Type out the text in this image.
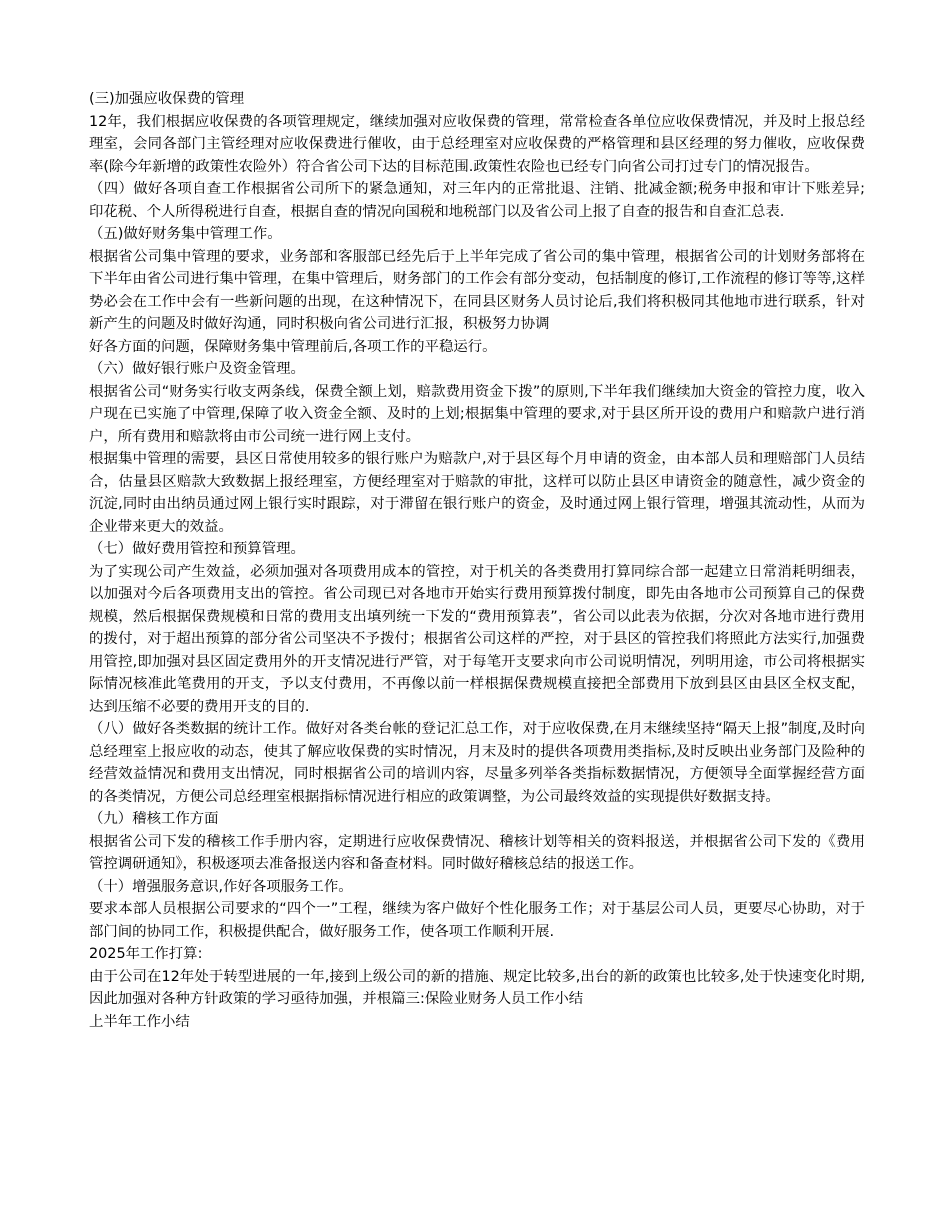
(三)加强应收保费的管理

12年，我们根据应收保费的各项管理规定，继续加强对应收保费的管理，常常检查各单位应收保费情况，并及时上报总经理室，会同各部门主管经理对应收保费进行催收，由于总经理室对应收保费的严格管理和县区经理的努力催收，应收保费率(除今年新增的政策性农险外）符合省公司下达的目标范围.政策性农险也已经专门向省公司打过专门的情况报告。

（四）做好各项自查工作根据省公司所下的紧急通知，对三年内的正常批退、注销、批减金额;税务申报和审计下账差异; 印花税、个人所得税进行自查，根据自查的情况向国税和地税部门以及省公司上报了自查的报告和自查汇总表.

（五)做好财务集中管理工作。

根据省公司集中管理的要求，业务部和客服部已经先后于上半年完成了省公司的集中管理，根据省公司的计划财务部将在下半年由省公司进行集中管理，在集中管理后，财务部门的工作会有部分变动，包括制度的修订,工作流程的修订等等,这样势必会在工作中会有一些新问题的出现，在这种情况下，在同县区财务人员讨论后,我们将积极同其他地市进行联系，针对新产生的问题及时做好沟通，同时积极向省公司进行汇报，积极努力协调

好各方面的问题，保障财务集中管理前后,各项工作的平稳运行。

（六）做好银行账户及资金管理。

根据省公司“财务实行收支两条线，保费全额上划，赔款费用资金下拨”的原则,下半年我们继续加大资金的管控力度，收入户现在已实施了中管理,保障了收入资金全额、及时的上划;根据集中管理的要求,对于县区所开设的费用户和赔款户进行消户，所有费用和赔款将由市公司统一进行网上支付。

根据集中管理的需要，县区日常使用较多的银行账户为赔款户,对于县区每个月申请的资金，由本部人员和理赔部门人员结合，估量县区赔款大致数据上报经理室，方便经理室对于赔款的审批，这样可以防止县区申请资金的随意性，减少资金的沉淀,同时由出纳员通过网上银行实时跟踪，对于滞留在银行账户的资金，及时通过网上银行管理，增强其流动性，从而为企业带来更大的效益。

（七）做好费用管控和预算管理。

为了实现公司产生效益，必须加强对各项费用成本的管控，对于机关的各类费用打算同综合部一起建立日常消耗明细表，以加强对今后各项费用支出的管控。省公司现已对各地市开始实行费用预算拨付制度，即先由各地市公司预算自己的保费规模，然后根据保费规模和日常的费用支出填列统一下发的“费用预算表”，省公司以此表为依据，分次对各地市进行费用的拨付，对于超出预算的部分省公司坚决不予拨付；根据省公司这样的严控，对于县区的管控我们将照此方法实行,加强费用管控,即加强对县区固定费用外的开支情况进行严管，对于每笔开支要求向市公司说明情况，列明用途，市公司将根据实际情况核准此笔费用的开支，予以支付费用，不再像以前一样根据保费规模直接把全部费用下放到县区由县区全权支配，达到压缩不必要的费用开支的目的.

（八）做好各类数据的统计工作。做好对各类台帐的登记汇总工作，对于应收保费,在月末继续坚持“隔天上报”制度,及时向总经理室上报应收的动态，使其了解应收保费的实时情况，月末及时的提供各项费用类指标,及时反映出业务部门及险种的经营效益情况和费用支出情况，同时根据省公司的培训内容，尽量多列举各类指标数据情况，方便领导全面掌握经营方面的各类情况，方便公司总经理室根据指标情况进行相应的政策调整，为公司最终效益的实现提供好数据支持。

（九）稽核工作方面

根据省公司下发的稽核工作手册内容，定期进行应收保费情况、稽核计划等相关的资料报送，并根据省公司下发的《费用管控调研通知》，积极逐项去准备报送内容和备查材料。同时做好稽核总结的报送工作。

（十）增强服务意识,作好各项服务工作。

要求本部人员根据公司要求的“四个一”工程，继续为客户做好个性化服务工作；对于基层公司人员，更要尽心协助，对于部门间的协同工作，积极提供配合，做好服务工作，使各项工作顺利开展.

2025年工作打算:

由于公司在12年处于转型进展的一年,接到上级公司的新的措施、规定比较多,出台的新的政策也比较多,处于快速变化时期,因此加强对各种方针政策的学习亟待加强，并根篇三:保险业财务人员工作小结

上半年工作小结
